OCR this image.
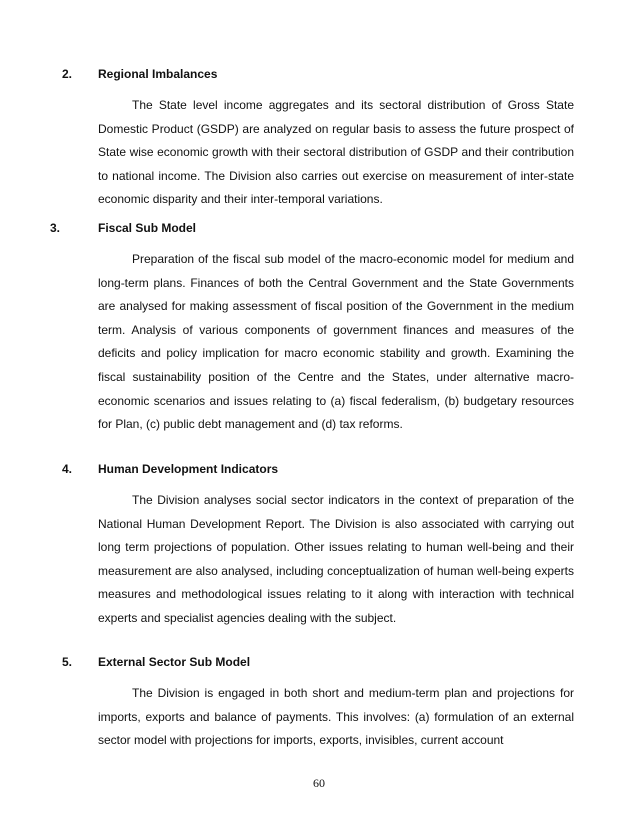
2. Regional Imbalances

The State level income aggregates and its sectoral distribution of Gross State Domestic Product (GSDP) are analyzed on regular basis to assess the future prospect of State wise economic growth with their sectoral distribution of GSDP and their contribution to national income. The Division also carries out exercise on measurement of inter-state economic disparity and their inter-temporal variations.

3.	Fiscal Sub Model

Preparation of the fiscal sub model of the macro-economic model for medium and long-term plans. Finances of both the Central Government and the State Governments are analysed for making assessment of fiscal position of the Government in the medium term. Analysis of various components of government finances and measures of the deficits and policy implication for macro economic stability and growth. Examining the fiscal sustainability position of the Centre and the States, under alternative macro-economic scenarios and issues relating to (a) fiscal federalism, (b) budgetary resources for Plan, (c) public debt management and (d) tax reforms.

4. Human Development Indicators

The Division analyses social sector indicators in the context of preparation of the National Human Development Report. The Division is also associated with carrying out long term projections of population. Other issues relating to human well-being and their measurement are also analysed, including conceptualization of human well-being experts measures and methodological issues relating to it along with interaction with technical experts and specialist agencies dealing with the subject.

5. External Sector Sub Model

The Division is engaged in both short and medium-term plan and projections for imports, exports and balance of payments. This involves: (a) formulation of an external sector model with projections for imports, exports, invisibles, current account

60
